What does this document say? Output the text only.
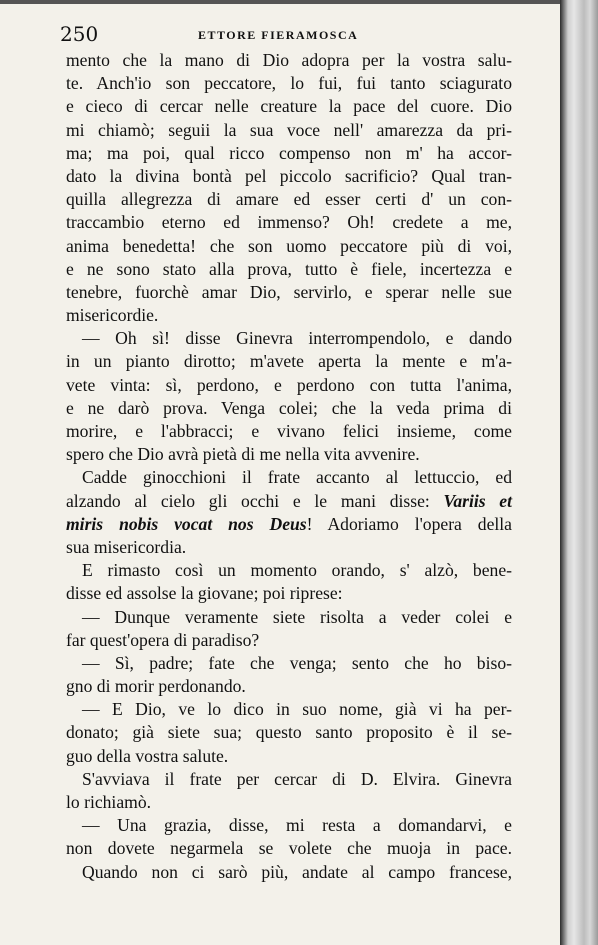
250	ETTORE FIERAMOSCA
mento che la mano di Dio adopra per la vostra salu-
te. Anch'io son peccatore, lo fui, fui tanto sciagurato
e cieco di cercar nelle creature la pace del cuore. Dio
mi chiamò; seguii la sua voce nell' amarezza da pri-
ma; ma poi, qual ricco compenso non m' ha accor-
dato la divina bontà pel piccolo sacrificio? Qual tran-
quilla allegrezza di amare ed esser certi d' un con-
traccambio eterno ed immenso? Oh! credete a me,
anima benedetta! che son uomo peccatore più di voi,
e ne sono stato alla prova, tutto è fiele, incertezza e
tenebre, fuorchè amar Dio, servirlo, e sperar nelle sue
misericordie.
— Oh sì! disse Ginevra interrompendolo, e dando
in un pianto dirotto; m'avete aperta la mente e m'a-
vete vinta: sì, perdono, e perdono con tutta l'anima,
e ne darò prova. Venga colei; che la veda prima di
morire, e l'abbracci; e vivano felici insieme, come
spero che Dio avrà pietà di me nella vita avvenire.
Cadde ginocchioni il frate accanto al lettuccio, ed
alzando al cielo gli occhi e le mani disse: Variis et
miris nobis vocat nos Deus! Adoriamo l'opera della
sua misericordia.
E rimasto così un momento orando, s' alzò, bene-
disse ed assolse la giovane; poi riprese:
— Dunque veramente siete risolta a veder colei e
far quest'opera di paradiso?
— Sì, padre; fate che venga; sento che ho biso-
gno di morir perdonando.
— E Dio, ve lo dico in suo nome, già vi ha per-
donato; già siete sua; questo santo proposito è il se-
guo della vostra salute.
S'avviava il frate per cercar di D. Elvira. Ginevra
lo richiamò.
— Una grazia, disse, mi resta a domandarvi, e
non dovete negarmela se volete che muoja in pace.
Quando non ci sarò più, andate al campo francese,
